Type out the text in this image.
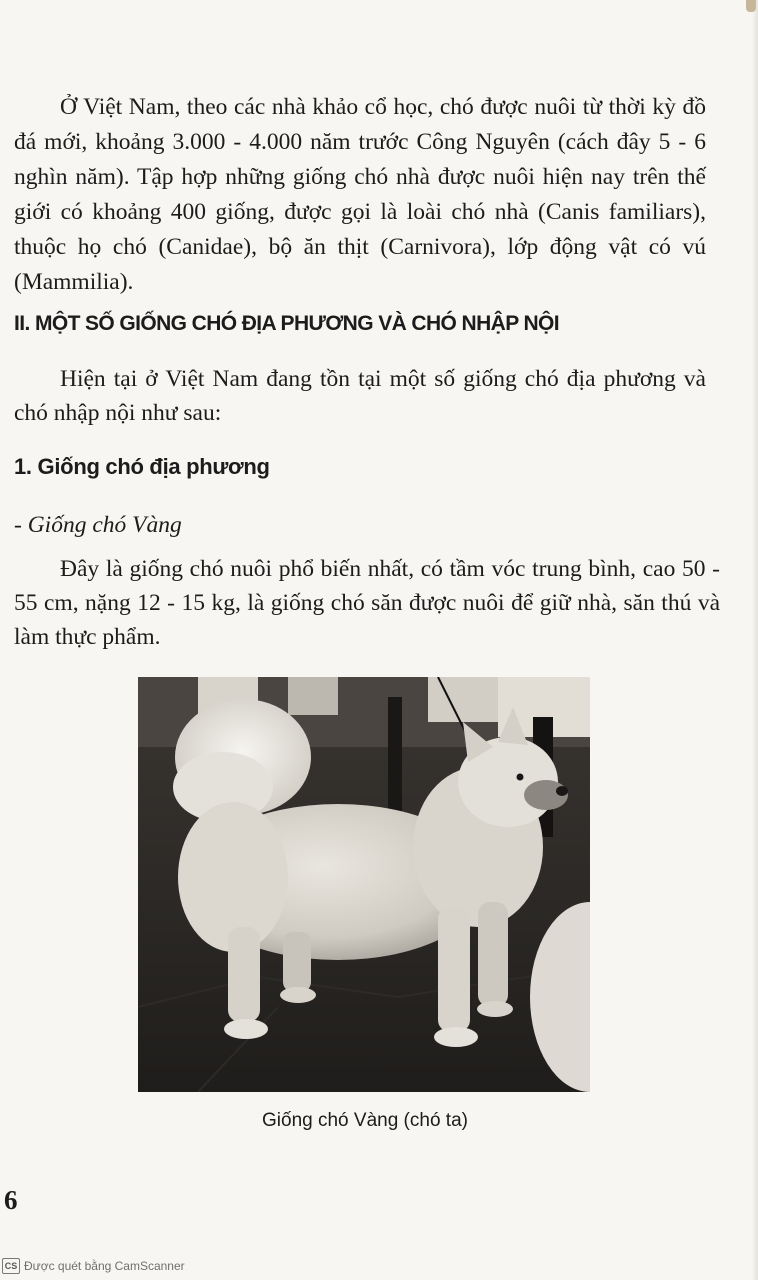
Ở Việt Nam, theo các nhà khảo cổ học, chó được nuôi từ thời kỳ đồ đá mới, khoảng 3.000 - 4.000 năm trước Công Nguyên (cách đây 5 - 6 nghìn năm). Tập hợp những giống chó nhà được nuôi hiện nay trên thế giới có khoảng 400 giống, được gọi là loài chó nhà (Canis familiars), thuộc họ chó (Canidae), bộ ăn thịt (Carnivora), lớp động vật có vú (Mammilia).

II. MỘT SỐ GIỐNG CHÓ ĐỊA PHƯƠNG VÀ CHÓ NHẬP NỘI

Hiện tại ở Việt Nam đang tồn tại một số giống chó địa phương và chó nhập nội như sau:

1. Giống chó địa phương

- Giống chó Vàng

Đây là giống chó nuôi phổ biến nhất, có tầm vóc trung bình, cao 50 - 55 cm, nặng 12 - 15 kg, là giống chó săn được nuôi để giữ nhà, săn thú và làm thực phẩm.

Giống chó Vàng (chó ta)

6

CS Được quét bằng CamScanner
